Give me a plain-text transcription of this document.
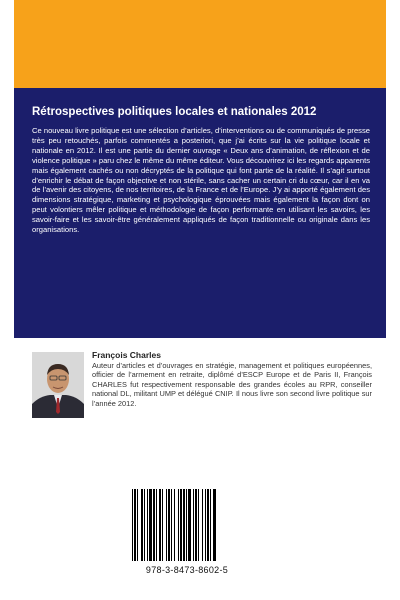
Rétrospectives politiques locales et nationales 2012
Ce nouveau livre politique est une sélection d’articles, d’interventions ou de communiqués de presse très peu retouchés, parfois commentés a posteriori, que j’ai écrits sur la vie politique locale et nationale en 2012. Il est une partie du dernier ouvrage « Deux ans d’animation, de réflexion et de violence politique » paru chez le même du même éditeur. Vous découvrirez ici les regards apparents mais également cachés ou non décryptés de la politique qui font partie de la réalité. Il s’agit surtout d’enrichir le débat de façon objective et non stérile, sans cacher un certain cri du cœur, car il en va de l’avenir des citoyens, de nos territoires, de la France et de l’Europe. J’y ai apporté également des dimensions stratégique, marketing et psychologique éprouvées mais également la façon dont on peut volontiers mêler politique et méthodologie de façon performante en utilisant les savoirs, les savoir-faire et les savoir-être généralement appliqués de façon traditionnelle ou originale dans les organisations.
François Charles
Auteur d’articles et d’ouvrages en stratégie, management et politiques européennes, officier de l’armement en retraite, diplômé d’ESCP Europe et de Paris II, François CHARLES fut respectivement responsable des grandes écoles au RPR, conseiller national DL, militant UMP et délégué CNIP. Il nous livre son second livre politique sur l’année 2012.
978-3-8473-8602-5
